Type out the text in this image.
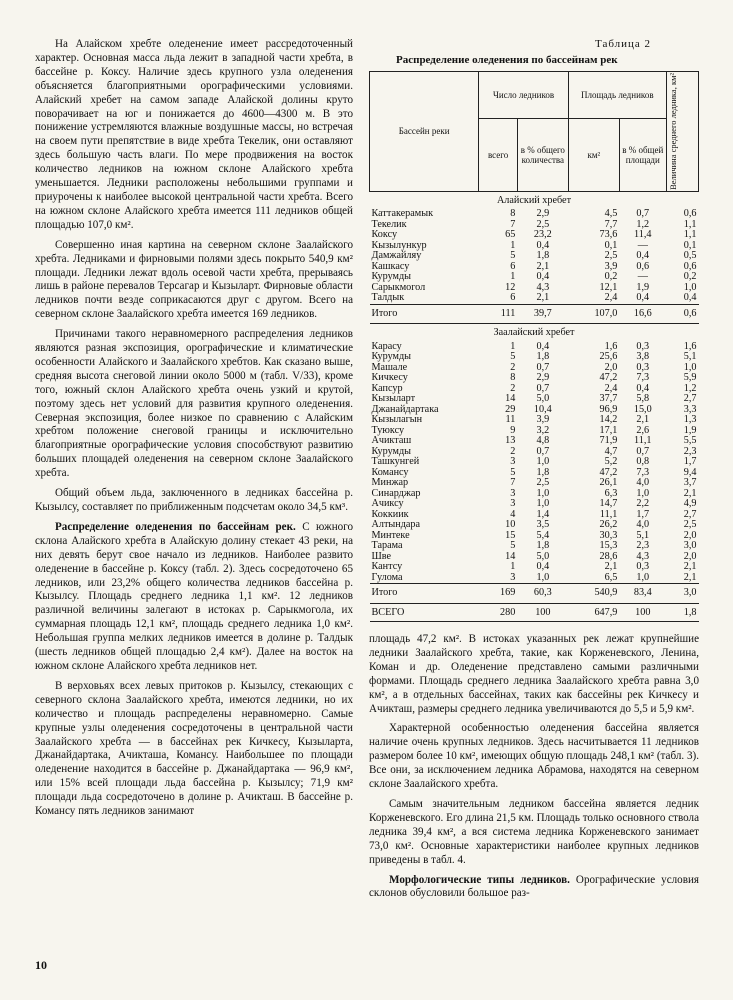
На Алайском хребте оледенение имеет рассредоточенный характер. Основная масса льда лежит в западной части хребта, в бассейне р. Коксу. Наличие здесь крупного узла оледенения объясняется благоприятными орографическими условиями. Алайский хребет на самом западе Алайской долины круто поворачивает на юг и понижается до 4600—4300 м. В это понижение устремляются влажные воздушные массы, но встречая на своем пути препятствие в виде хребта Текелик, они оставляют здесь большую часть влаги. По мере продвижения на восток количество ледников на южном склоне Алайского хребта уменьшается. Ледники расположены небольшими группами и приурочены к наиболее высокой центральной части хребта. Всего на южном склоне Алайского хребта имеется 111 ледников общей площадью 107,0 км².

Совершенно иная картина на северном склоне Заалайского хребта. Ледниками и фирновыми полями здесь покрыто 540,9 км² площади. Ледники лежат вдоль осевой части хребта, прерываясь лишь в районе перевалов Терсагар и Кызыларт. Фирновые области ледников почти везде соприкасаются друг с другом. Всего на северном склоне Заалайского хребта имеется 169 ледников.

Причинами такого неравномерного распределения ледников являются разная экспозиция, орографические и климатические особенности Алайского и Заалайского хребтов. Как сказано выше, средняя высота снеговой линии около 5000 м (табл. V/33), кроме того, южный склон Алайского хребта очень узкий и крутой, поэтому здесь нет условий для развития крупного оледенения. Северная экспозиция, более низкое по сравнению с Алайским хребтом положение снеговой границы и исключительно благоприятные орографические условия способствуют развитию больших площадей оледенения на северном склоне Заалайского хребта.

Общий объем льда, заключенного в ледниках бассейна р. Кызылсу, составляет по приближенным подсчетам около 34,5 км³.

Распределение оледенения по бассейнам рек. С южного склона Алайского хребта в Алайскую долину стекает 43 реки, на них девять берут свое начало из ледников. Наиболее развито оледенение в бассейне р. Коксу (табл. 2). Здесь сосредоточено 65 ледников, или 23,2% общего количества ледников бассейна р. Кызылсу. Площадь среднего ледника 1,1 км². 12 ледников различной величины залегают в истоках р. Сарыкмогола, их суммарная площадь 12,1 км², площадь среднего ледника 1,0 км². Небольшая группа мелких ледников имеется в долине р. Талдык (шесть ледников общей площадью 2,4 км²). Далее на восток на южном склоне Алайского хребта ледников нет.

В верховьях всех левых притоков р. Кызылсу, стекающих с северного склона Заалайского хребта, имеются ледники, но их количество и площадь распределены неравномерно. Самые крупные узлы оледенения сосредоточены в центральной части Заалайского хребта — в бассейнах рек Кичкесу, Кызыларта, Джанайдартака, Ачикташа, Комансу. Наибольшее по площади оледенение находится в бассейне р. Джанайдартака — 96,9 км², или 15% всей площади льда бассейна р. Кызылсу; 71,9 км² площади льда сосредоточено в долине р. Ачикташ. В бассейне р. Комансу пять ледников занимают

10
Таблица 2
Распределение оледенения по бассейнам рек
Бассейн реки	Число ледников		Площадь ледников		Величина среднего ледника, км²

	всего	в % общего количества	км²	в % общей площади	
Алайский хребет					
Каттакерамык	8	2,9	4,5	0,7	0,6
Текелик	7	2,5	7,7	1,2	1,1
Коксу	65	23,2	73,6	11,4	1,1
Кызылункур	1	0,4	0,1	—	0,1
Дамжайляу	5	1,8	2,5	0,4	0,5
Кашкасу	6	2,1	3,9	0,6	0,6
Курумды	1	0,4	0,2	—	0,2
Сарыкмогол	12	4,3	12,1	1,9	1,0
Талдык	6	2,1	2,4	0,4	0,4
Итого	111	39,7	107,0	16,6	0,6
Заалайский хребет					
Карасу	1	0,4	1,6	0,3	1,6
Курумды	5	1,8	25,6	3,8	5,1
Машале	2	0,7	2,0	0,3	1,0
Кичкесу	8	2,9	47,2	7,3	5,9
Капсур	2	0,7	2,4	0,4	1,2
Кызыларт	14	5,0	37,7	5,8	2,7
Джанайдартака	29	10,4	96,9	15,0	3,3
Кызылагын	11	3,9	14,2	2,1	1,3
Туюксу	9	3,2	17,1	2,6	1,9
Ачикташ	13	4,8	71,9	11,1	5,5
Курумды	2	0,7	4,7	0,7	2,3
Ташкунгей	3	1,0	5,2	0,8	1,7
Комансу	5	1,8	47,2	7,3	9,4
Минжар	7	2,5	26,1	4,0	3,7
Синарджар	3	1,0	6,3	1,0	2,1
Ачиксу	3	1,0	14,7	2,2	4,9
Коккиик	4	1,4	11,1	1,7	2,7
Алтындара	10	3,5	26,2	4,0	2,5
Минтеке	15	5,4	30,3	5,1	2,0
Тарама	5	1,8	15,3	2,3	3,0
Шве	14	5,0	28,6	4,3	2,0
Кантсу	1	0,4	2,1	0,3	2,1
Гулома	3	1,0	6,5	1,0	2,1
Итого	169	60,3	540,9	83,4	3,0
ВСЕГО	280	100	647,9	100	1,8

площадь 47,2 км². В истоках указанных рек лежат крупнейшие ледники Заалайского хребта, такие, как Корженевского, Ленина, Коман и др. Оледенение представлено самыми различными формами. Площадь среднего ледника Заалайского хребта равна 3,0 км², а в отдельных бассейнах, таких как бассейны рек Кичкесу и Ачикташ, размеры среднего ледника увеличиваются до 5,5 и 5,9 км².

Характерной особенностью оледенения бассейна является наличие очень крупных ледников. Здесь насчитывается 11 ледников размером более 10 км², имеющих общую площадь 248,1 км² (табл. 3). Все они, за исключением ледника Абрамова, находятся на северном склоне Заалайского хребта.

Самым значительным ледником бассейна является ледник Корженевского. Его длина 21,5 км. Площадь только основного ствола ледника 39,4 км², а вся система ледника Корженевского занимает 73,0 км². Основные характеристики наиболее крупных ледников приведены в табл. 4.

Морфологические типы ледников. Орографические условия склонов обусловили большое раз-
